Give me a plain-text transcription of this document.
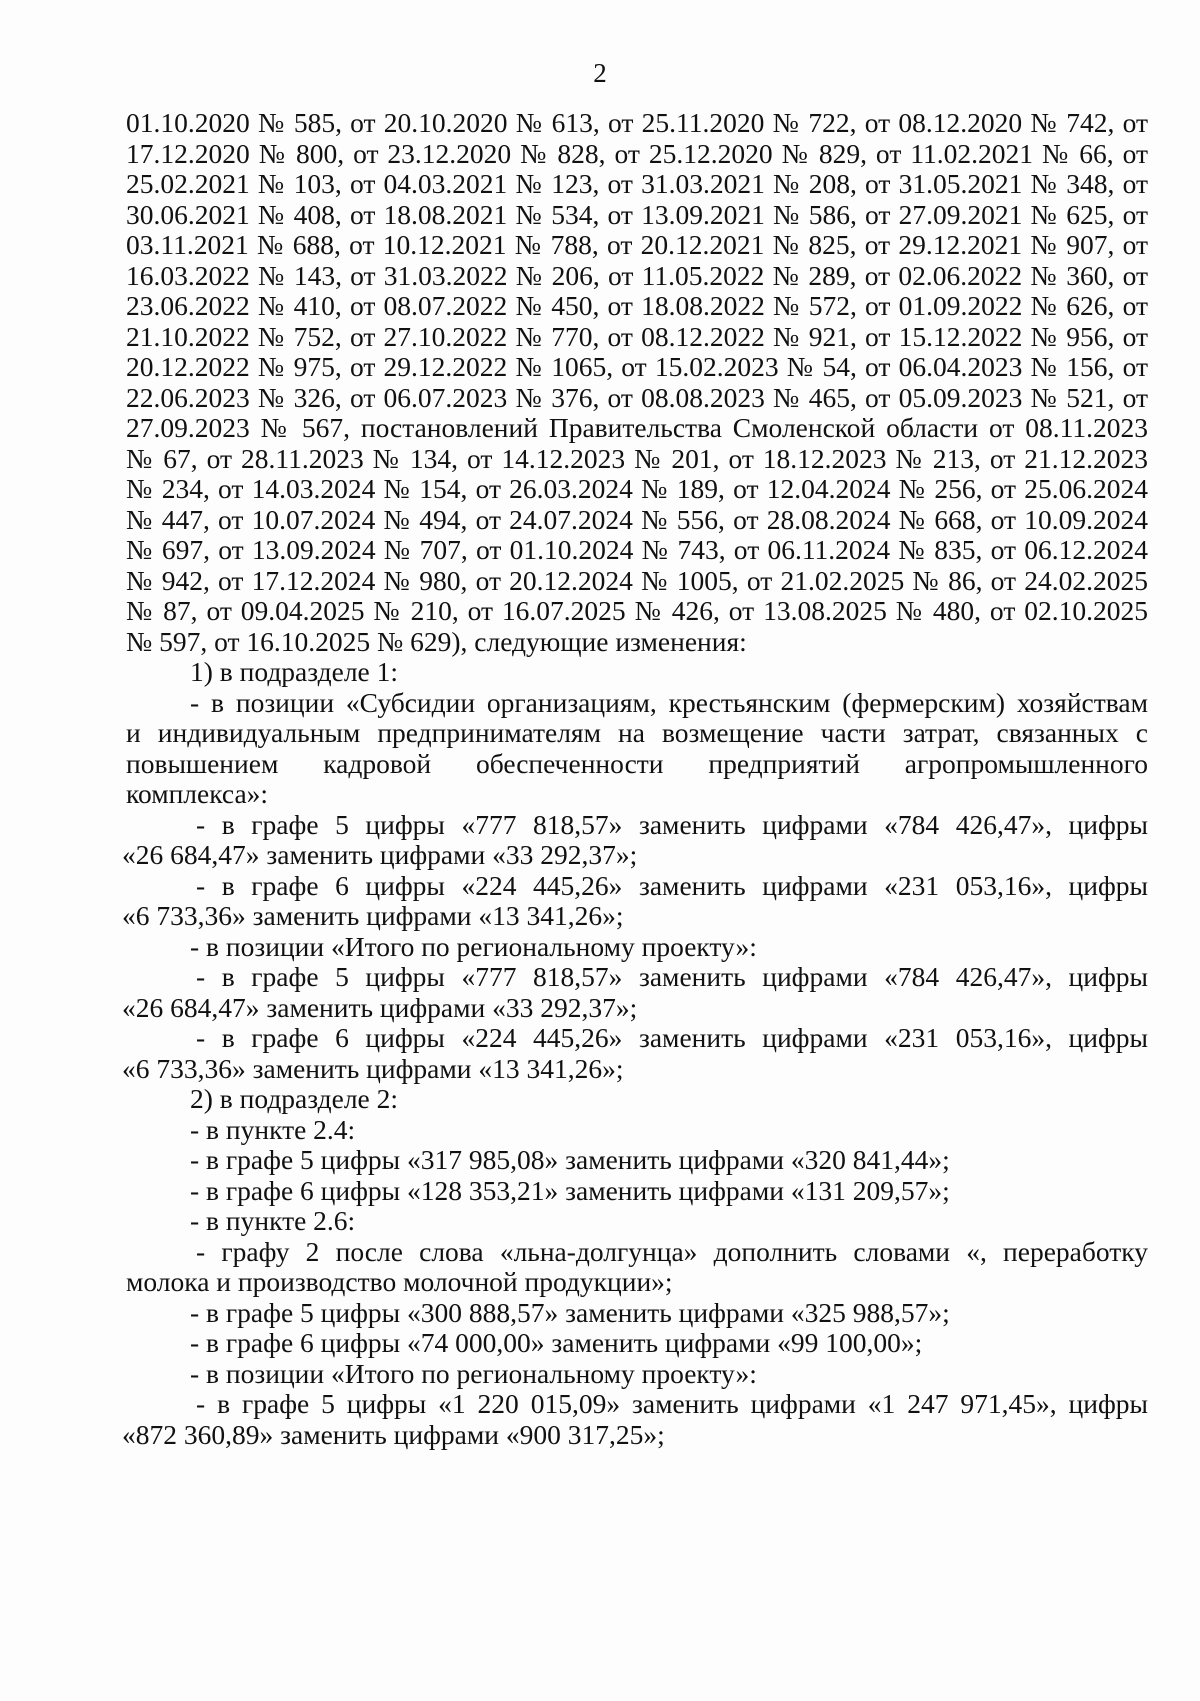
2
01.10.2020 № 585, от 20.10.2020 № 613, от 25.11.2020 № 722, от 08.12.2020 № 742, от
17.12.2020 № 800, от 23.12.2020 № 828, от 25.12.2020 № 829, от 11.02.2021 № 66, от
25.02.2021 № 103, от 04.03.2021 № 123, от 31.03.2021 № 208, от 31.05.2021 № 348, от
30.06.2021 № 408, от 18.08.2021 № 534, от 13.09.2021 № 586, от 27.09.2021 № 625, от
03.11.2021 № 688, от 10.12.2021 № 788, от 20.12.2021 № 825, от 29.12.2021 № 907, от
16.03.2022 № 143, от 31.03.2022 № 206, от 11.05.2022 № 289, от 02.06.2022 № 360, от
23.06.2022 № 410, от 08.07.2022 № 450, от 18.08.2022 № 572, от 01.09.2022 № 626, от
21.10.2022 № 752, от 27.10.2022 № 770, от 08.12.2022 № 921, от 15.12.2022 № 956, от
20.12.2022 № 975, от 29.12.2022 № 1065, от 15.02.2023 № 54, от 06.04.2023 № 156, от
22.06.2023 № 326, от 06.07.2023 № 376, от 08.08.2023 № 465, от 05.09.2023 № 521, от
27.09.2023 № 567, постановлений Правительства Смоленской области от 08.11.2023
№ 67, от 28.11.2023 № 134, от 14.12.2023 № 201, от 18.12.2023 № 213, от 21.12.2023
№ 234, от 14.03.2024 № 154, от 26.03.2024 № 189, от 12.04.2024 № 256, от 25.06.2024
№ 447, от 10.07.2024 № 494, от 24.07.2024 № 556, от 28.08.2024 № 668, от 10.09.2024
№ 697, от 13.09.2024 № 707, от 01.10.2024 № 743, от 06.11.2024 № 835, от 06.12.2024
№ 942, от 17.12.2024 № 980, от 20.12.2024 № 1005, от 21.02.2025 № 86, от 24.02.2025
№ 87, от 09.04.2025 № 210, от 16.07.2025 № 426, от 13.08.2025 № 480, от 02.10.2025
№ 597, от 16.10.2025 № 629), следующие изменения:
1) в подразделе 1:
- в позиции «Субсидии организациям, крестьянским (фермерским) хозяйствам
и индивидуальным предпринимателям на возмещение части затрат, связанных с
повышением кадровой обеспеченности предприятий агропромышленного
комплекса»:
- в графе 5 цифры «777 818,57» заменить цифрами «784 426,47», цифры
«26 684,47» заменить цифрами «33 292,37»;
- в графе 6 цифры «224 445,26» заменить цифрами «231 053,16», цифры
«6 733,36» заменить цифрами «13 341,26»;
- в позиции «Итого по региональному проекту»:
- в графе 5 цифры «777 818,57» заменить цифрами «784 426,47», цифры
«26 684,47» заменить цифрами «33 292,37»;
- в графе 6 цифры «224 445,26» заменить цифрами «231 053,16», цифры
«6 733,36» заменить цифрами «13 341,26»;
2) в подразделе 2:
- в пункте 2.4:
- в графе 5 цифры «317 985,08» заменить цифрами «320 841,44»;
- в графе 6 цифры «128 353,21» заменить цифрами «131 209,57»;
- в пункте 2.6:
- графу 2 после слова «льна-долгунца» дополнить словами «, переработку
молока и производство молочной продукции»;
- в графе 5 цифры «300 888,57» заменить цифрами «325 988,57»;
- в графе 6 цифры «74 000,00» заменить цифрами «99 100,00»;
- в позиции «Итого по региональному проекту»:
- в графе 5 цифры «1 220 015,09» заменить цифрами «1 247 971,45», цифры
«872 360,89» заменить цифрами «900 317,25»;
